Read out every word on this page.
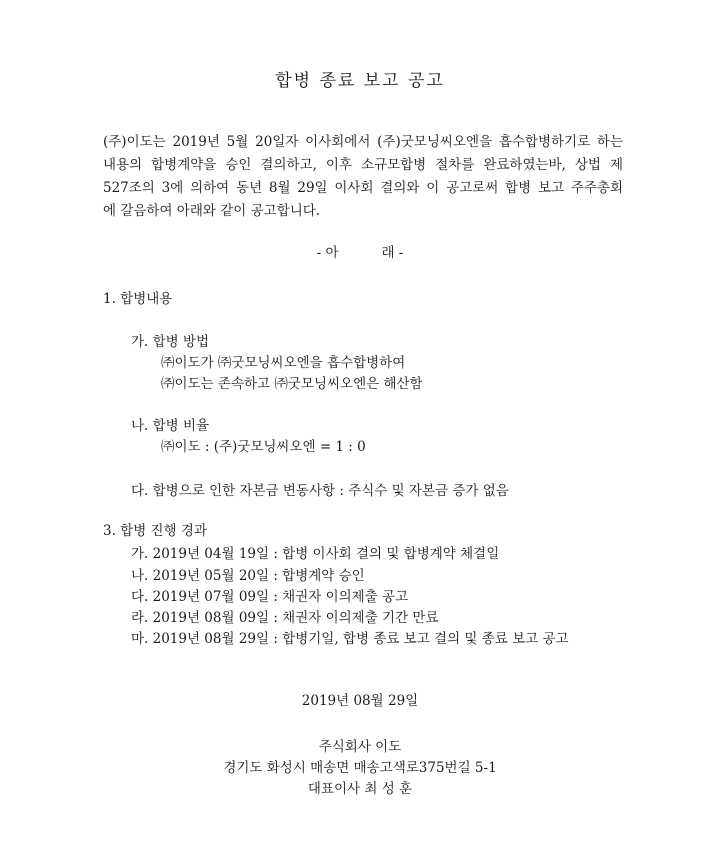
합병 종료 보고 공고
(주)이도는 2019년 5월 20일자 이사회에서 (주)굿모닝씨오엔을 흡수합병하기로 하는
내용의 합병계약을 승인 결의하고, 이후 소규모합병 절차를 완료하였는바, 상법 제
527조의 3에 의하여 동년 8월 29일 이사회 결의와 이 공고로써 합병 보고 주주총회
에 갈음하여 아래와 같이 공고합니다.
- 아          래 -
1. 합병내용
가. 합병 방법
㈜이도가 ㈜굿모닝씨오엔을 흡수합병하여
㈜이도는 존속하고 ㈜굿모닝씨오엔은 해산함
나. 합병 비율
㈜이도 : (주)굿모닝씨오엔 = 1 : 0
다. 합병으로 인한 자본금 변동사항 : 주식수 및 자본금 증가 없음
3. 합병 진행 경과
가. 2019년 04월 19일 : 합병 이사회 결의 및 합병계약 체결일
나. 2019년 05월 20일 : 합병계약 승인
다. 2019년 07월 09일 : 채권자 이의제출 공고
라. 2019년 08월 09일 : 채권자 이의제출 기간 만료
마. 2019년 08월 29일 : 합병기일, 합병 종료 보고 결의 및 종료 보고 공고
2019년 08월 29일
주식회사 이도
경기도 화성시 매송면 매송고색로375번길 5-1
대표이사 최 성 훈
